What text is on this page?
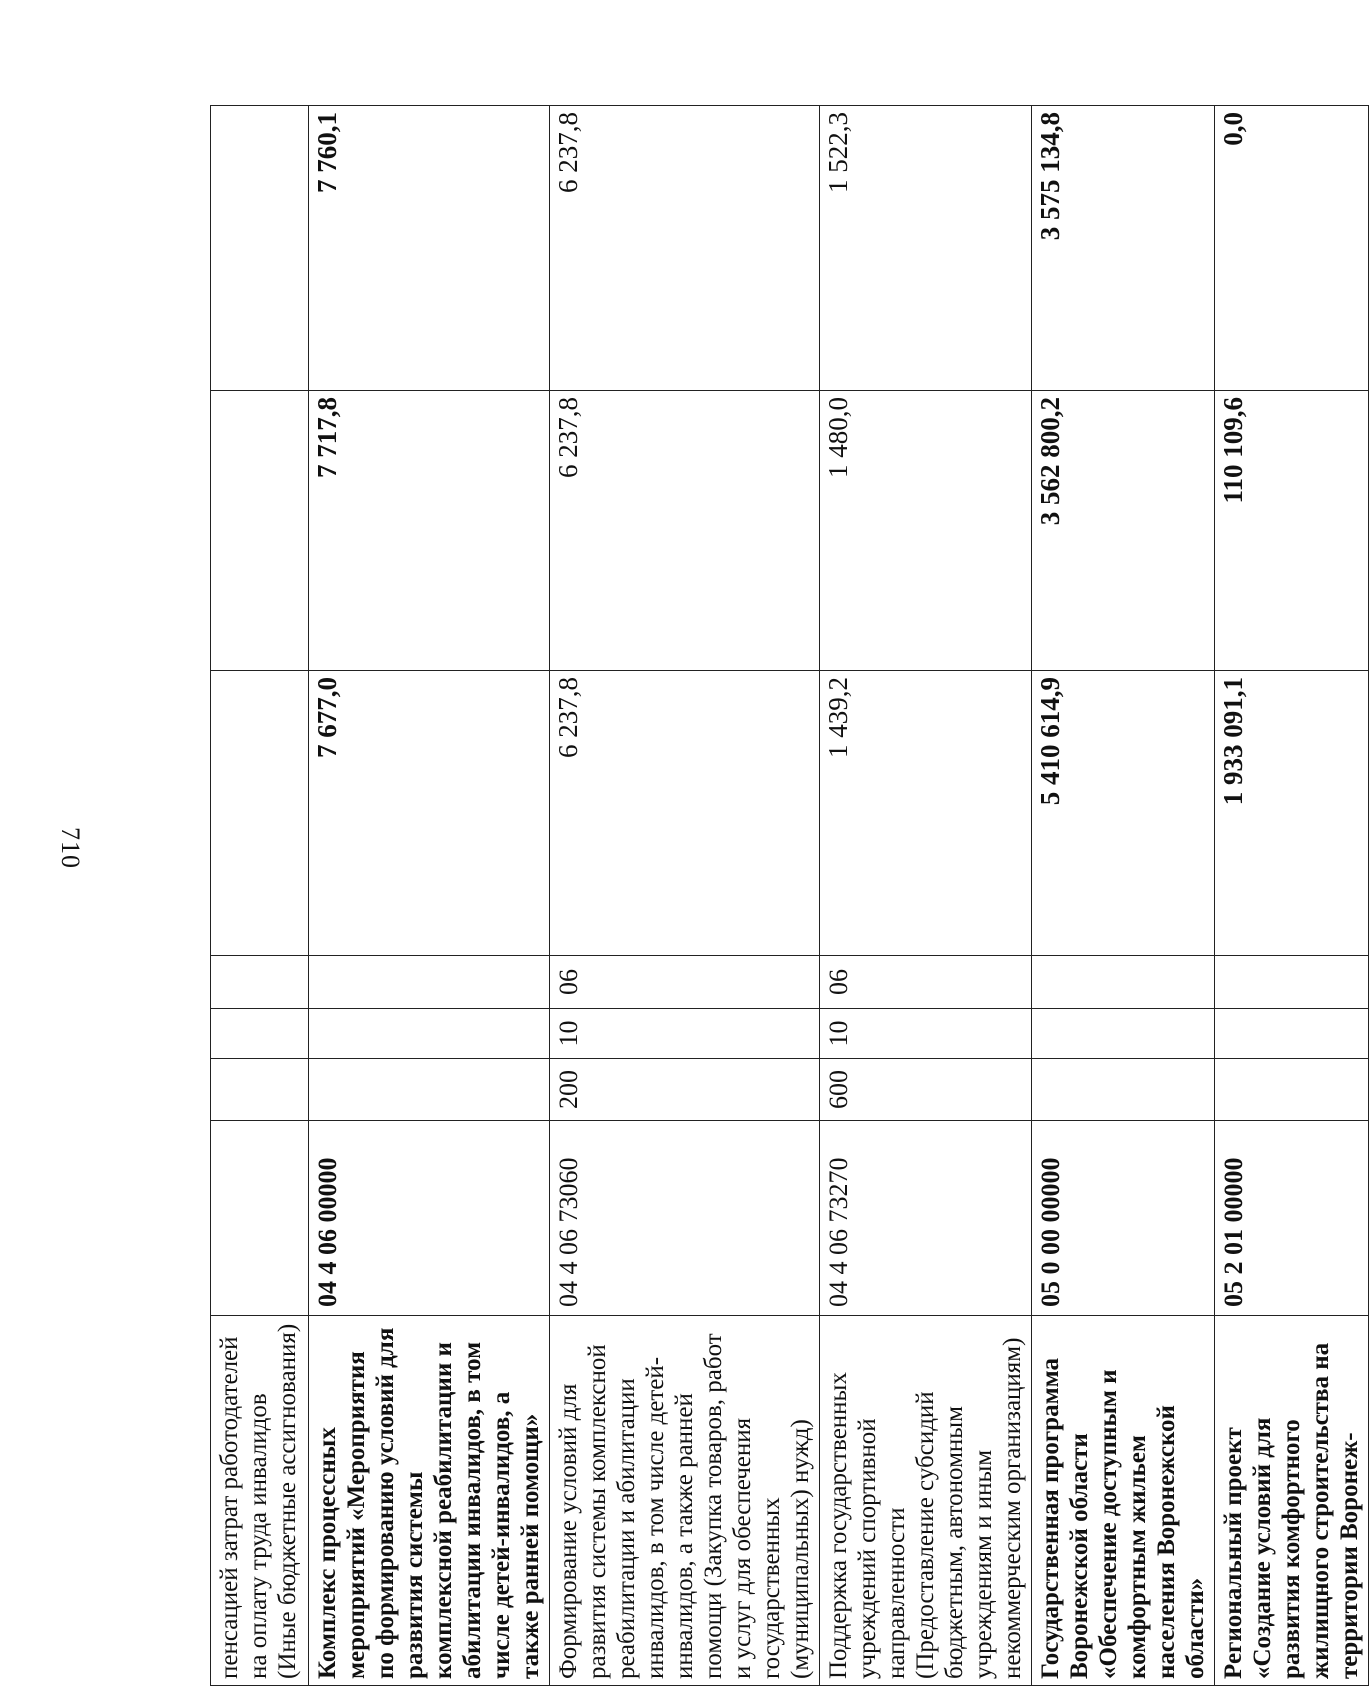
710
пенсацией затрат работодателей на оплату труда инвалидов (Иные бюджетные ассигнования)							
Комплекс процессных мероприятий «Мероприятия по формированию условий для развития системы комплексной реабилитации и абилитации инвалидов, в том числе детей-инвалидов, а также ранней помощи»	04 4 06 00000				7 677,0	7 717,8	7 760,1
Формирование условий для развития системы комплексной реабилитации и абилитации инвалидов, в том числе детей-инвалидов, а также ранней помощи (Закупка товаров, работ и услуг для обеспечения государственных (муниципальных) нужд)	04 4 06 73060	200	10	06	6 237,8	6 237,8	6 237,8
Поддержка государственных учреждений спортивной направленности (Предоставление субсидий бюджетным, автономным учреждениям и иным некоммерческим организациям)	04 4 06 73270	600	10	06	1 439,2	1 480,0	1 522,3
Государственная программа Воронежской области «Обеспечение доступным и комфортным жильем населения Воронежской области»	05 0 00 00000				5 410 614,9	3 562 800,2	3 575 134,8
Региональный проект «Создание условий для развития комфортного жилищного строительства на территории Воронеж-	05 2 01 00000				1 933 091,1	110 109,6	0,0
